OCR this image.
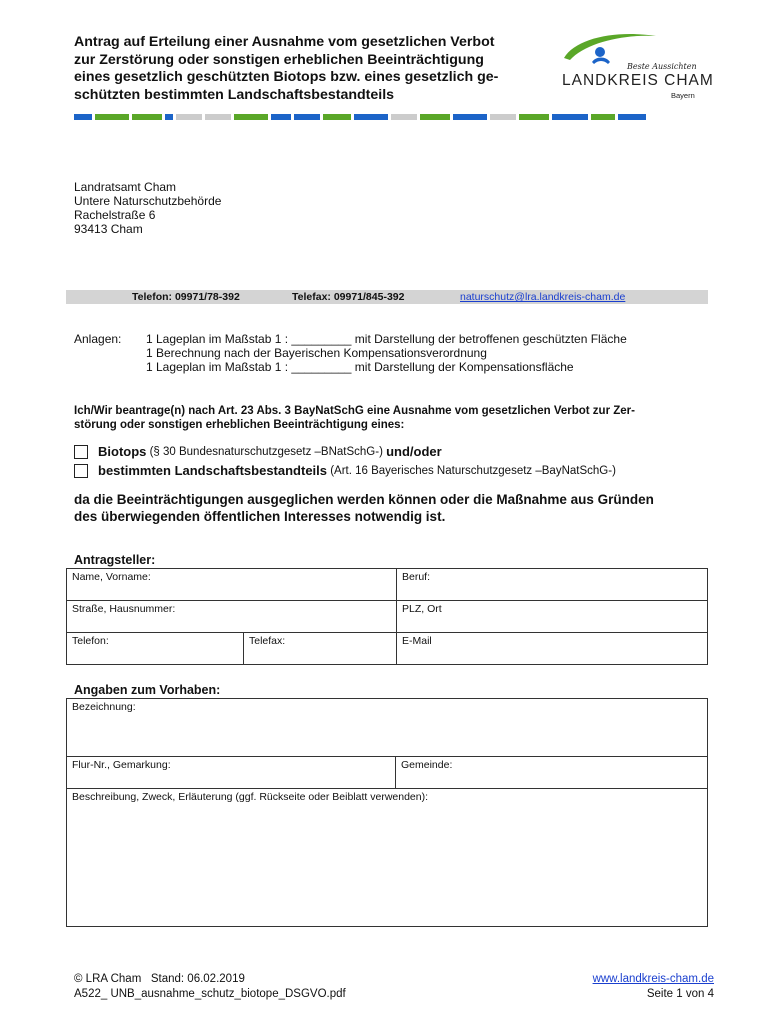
Antrag auf Erteilung einer Ausnahme vom gesetzlichen Verbot
zur Zerstörung oder sonstigen erheblichen Beeinträchtigung
eines gesetzlich geschützten Biotops bzw. eines gesetzlich ge-
schützten bestimmten Landschaftsbestandteils
Beste Aussichten
LANDKREIS CHAM
Bayern
Landratsamt Cham
Untere Naturschutzbehörde
Rachelstraße 6
93413 Cham
Telefon: 09971/78-392	Telefax: 09971/845-392	naturschutz@lra.landkreis-cham.de
Anlagen: 1 Lageplan im Maßstab 1 : _________ mit Darstellung der betroffenen geschützten Fläche
1 Berechnung nach der Bayerischen Kompensationsverordnung
1 Lageplan im Maßstab 1 : _________ mit Darstellung der Kompensationsfläche
Ich/Wir beantrage(n) nach Art. 23 Abs. 3 BayNatSchG eine Ausnahme vom gesetzlichen Verbot zur Zer-
störung oder sonstigen erheblichen Beeinträchtigung eines:
Biotops (§ 30 Bundesnaturschutzgesetz –BNatSchG-) und/oder
bestimmten Landschaftsbestandteils (Art. 16 Bayerisches Naturschutzgesetz –BayNatSchG-)
da die Beeinträchtigungen ausgeglichen werden können oder die Maßnahme aus Gründen
des überwiegenden öffentlichen Interesses notwendig ist.
Antragsteller:
Name, Vorname:		Beruf:
Straße, Hausnummer:		PLZ, Ort
Telefon:	Telefax:	E-Mail
Angaben zum Vorhaben:
Bezeichnung:
Flur-Nr., Gemarkung:	Gemeinde:
Beschreibung, Zweck, Erläuterung (ggf. Rückseite oder Beiblatt verwenden):
© LRA Cham   Stand: 06.02.2019
A522_ UNB_ausnahme_schutz_biotope_DSGVO.pdf
www.landkreis-cham.de
Seite 1 von 4
